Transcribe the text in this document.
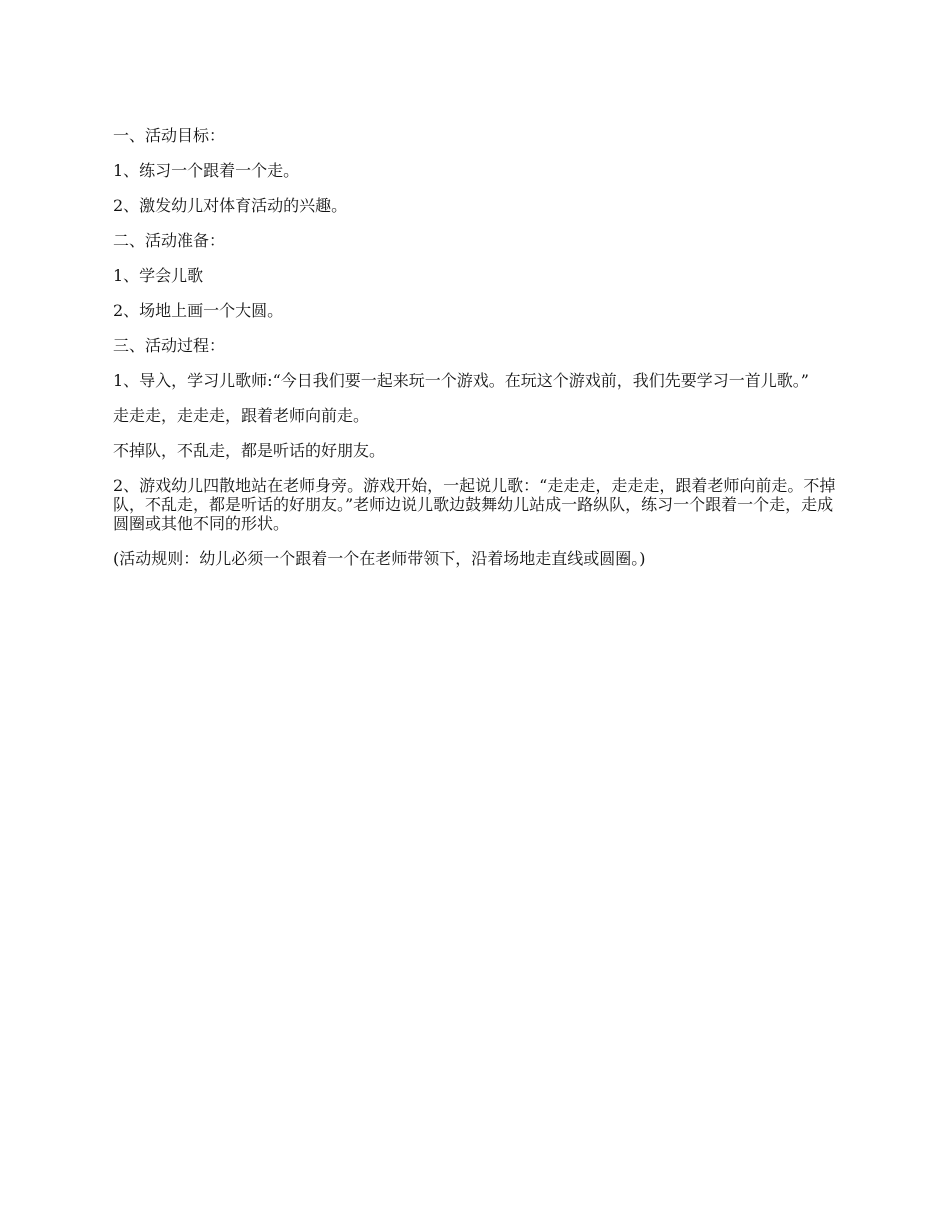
一、活动目标：

1、练习一个跟着一个走。

2、激发幼儿对体育活动的兴趣。

二、活动准备：

1、学会儿歌

2、场地上画一个大圆。

三、活动过程：

1、导入，学习儿歌师:“今日我们要一起来玩一个游戏。在玩这个游戏前，我们先要学习一首儿歌。”

走走走，走走走，跟着老师向前走。

不掉队，不乱走，都是听话的好朋友。

2、游戏幼儿四散地站在老师身旁。游戏开始，一起说儿歌：“走走走，走走走，跟着老师向前走。不掉队，不乱走，都是听话的好朋友。”老师边说儿歌边鼓舞幼儿站成一路纵队，练习一个跟着一个走，走成圆圈或其他不同的形状。

(活动规则：幼儿必须一个跟着一个在老师带领下，沿着场地走直线或圆圈。)
